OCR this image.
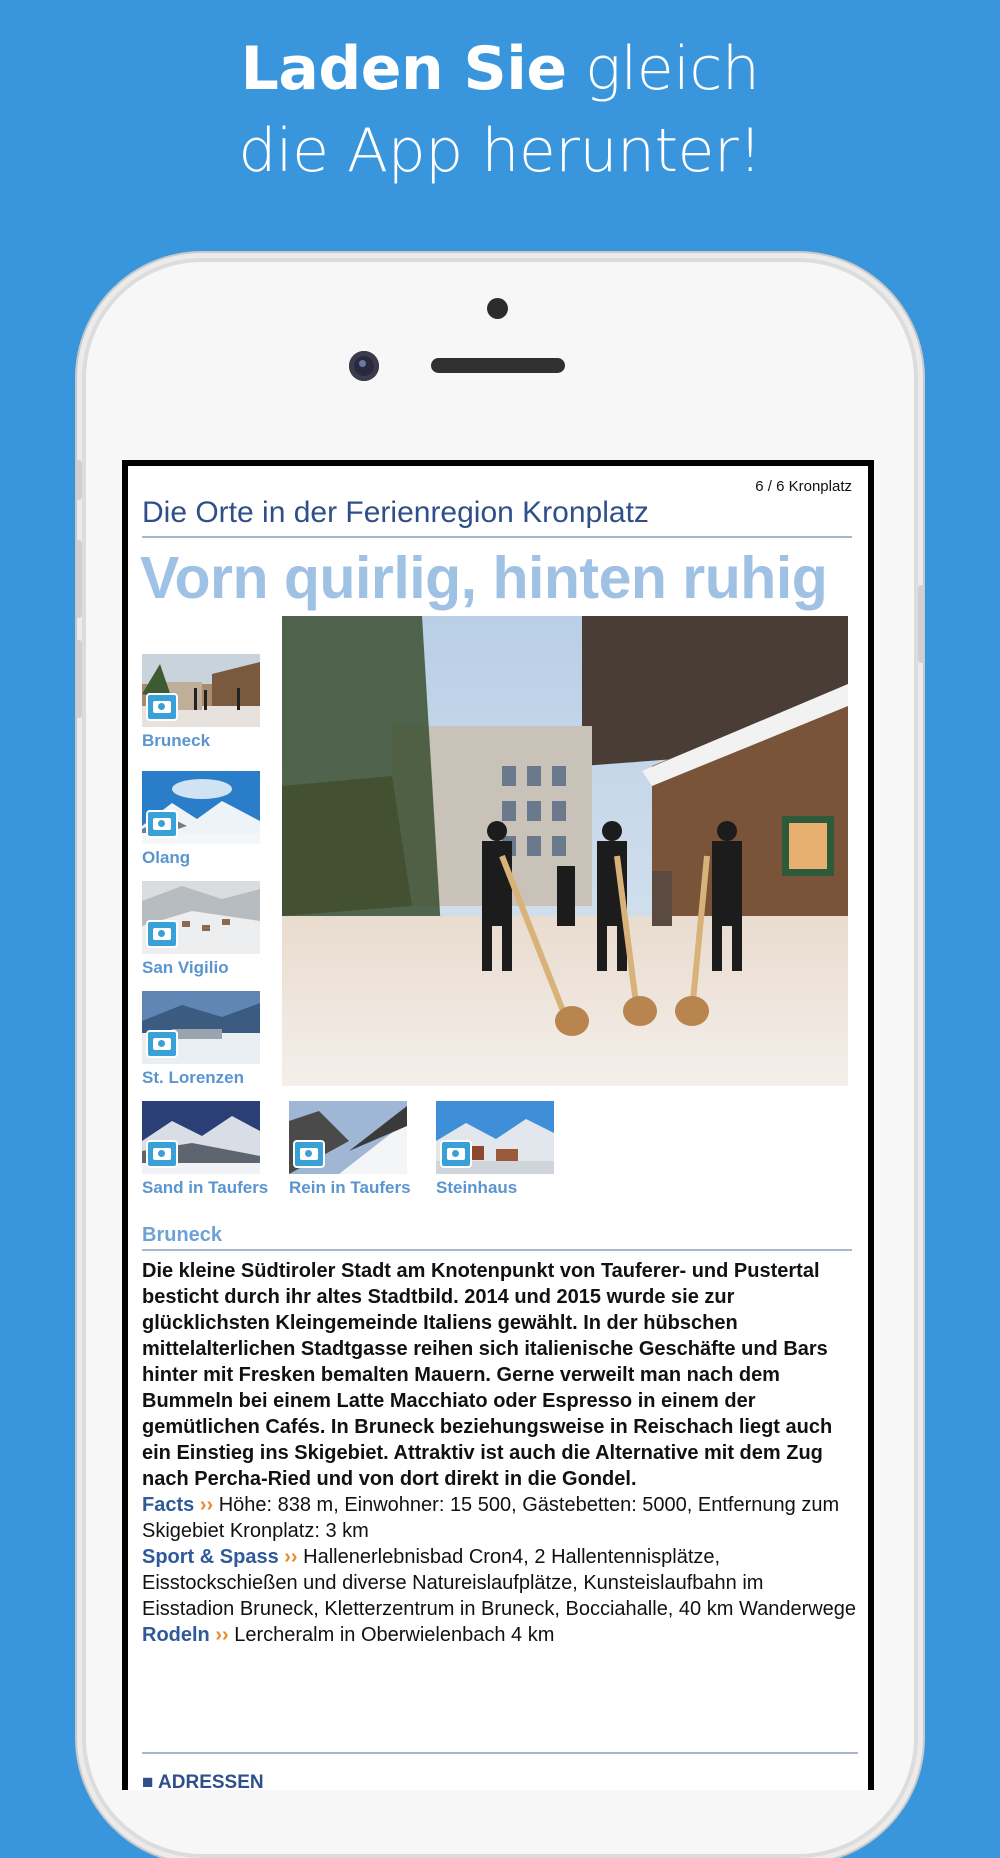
Laden Sie gleich
die App herunter!
6 / 6 Kronplatz
Die Orte in der Ferienregion Kronplatz
Vorn quirlig, hinten ruhig
Bruneck
Olang
San Vigilio
St. Lorenzen
Sand in Taufers Rein in Taufers Steinhaus
Bruneck
Die kleine Südtiroler Stadt am Knotenpunkt von Tauferer- und Pustertal besticht durch ihr altes Stadtbild. 2014 und 2015 wurde sie zur glücklichsten Kleingemeinde Italiens gewählt. In der hübschen mittelalterlichen Stadtgasse reihen sich italienische Geschäfte und Bars hinter mit Fresken bemalten Mauern. Gerne verweilt man nach dem Bummeln bei einem Latte Macchiato oder Espresso in einem der gemütlichen Cafés. In Bruneck beziehungsweise in Reischach liegt auch ein Einstieg ins Skigebiet. Attraktiv ist auch die Alternative mit dem Zug nach Percha-Ried und von dort direkt in die Gondel.
Facts ›› Höhe: 838 m, Einwohner: 15 500, Gästebetten: 5000, Entfernung zum Skigebiet Kronplatz: 3 km
Sport & Spass ›› Hallenerlebnisbad Cron4, 2 Hallentennisplätze, Eisstockschießen und diverse Natureislaufplätze, Kunsteislaufbahn im Eisstadion Bruneck, Kletterzentrum in Bruneck, Bocciahalle, 40 km Wanderwege
Rodeln ›› Lercheralm in Oberwielenbach 4 km
■ ADRESSEN
